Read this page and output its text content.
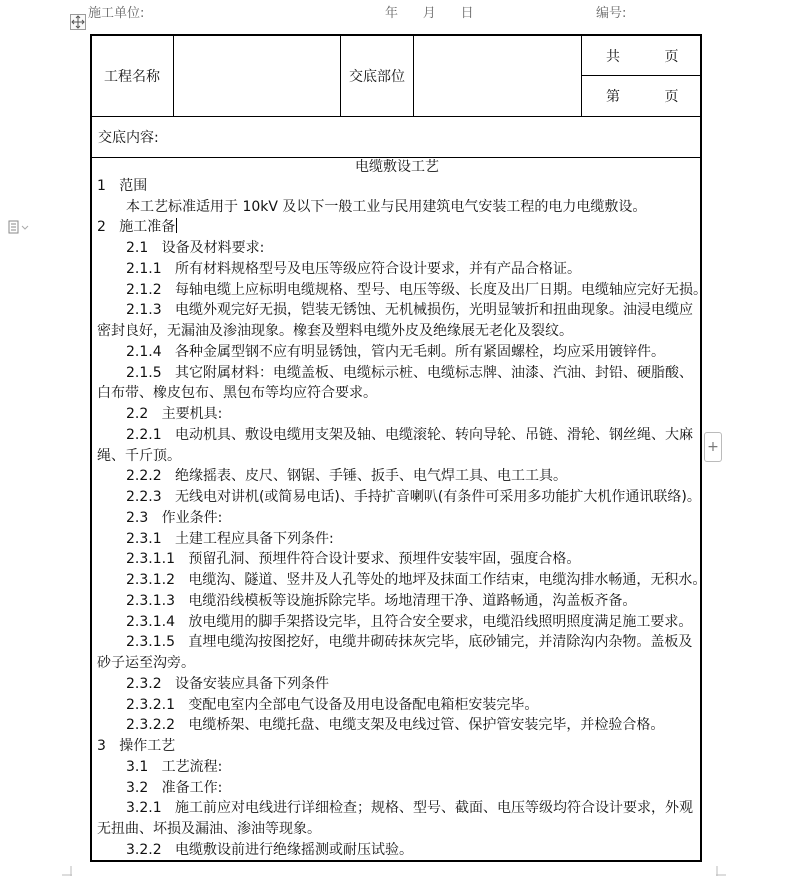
施工单位:	年      月      日	编号:
工程名称	交底部位
共          页
第          页
交底内容:
电缆敷设工艺
1   范围
本工艺标准适用于 10kV 及以下一般工业与民用建筑电气安装工程的电力电缆敷设。
2   施工准备
2.1   设备及材料要求:
2.1.1   所有材料规格型号及电压等级应符合设计要求，并有产品合格证。
2.1.2   每轴电缆上应标明电缆规格、型号、电压等级、长度及出厂日期。电缆轴应完好无损。
2.1.3   电缆外观完好无损，铠装无锈蚀、无机械损伤，光明显皱折和扭曲现象。油浸电缆应
密封良好，无漏油及渗油现象。橡套及塑料电缆外皮及绝缘展无老化及裂纹。
2.1.4   各种金属型钢不应有明显锈蚀，管内无毛刺。所有紧固螺栓，均应采用镀锌件。
2.1.5   其它附属材料：电缆盖板、电缆标示桩、电缆标志牌、油漆、汽油、封铅、硬脂酸、
白布带、橡皮包布、黑包布等均应符合要求。
2.2   主要机具:
2.2.1   电动机具、敷设电缆用支架及轴、电缆滚轮、转向导轮、吊链、滑轮、钢丝绳、大麻
绳、千斤顶。
2.2.2   绝缘摇表、皮尺、钢锯、手锤、扳手、电气焊工具、电工工具。
2.2.3   无线电对讲机(或简易电话)、手持扩音喇叭(有条件可采用多功能扩大机作通讯联络)。
2.3   作业条件:
2.3.1   土建工程应具备下列条件:
2.3.1.1   预留孔洞、预埋件符合设计要求、预埋件安装牢固，强度合格。
2.3.1.2   电缆沟、隧道、竖井及人孔等处的地坪及抹面工作结束，电缆沟排水畅通，无积水。
2.3.1.3   电缆沿线模板等设施拆除完毕。场地清理干净、道路畅通，沟盖板齐备。
2.3.1.4   放电缆用的脚手架搭设完毕，且符合安全要求，电缆沿线照明照度满足施工要求。
2.3.1.5   直埋电缆沟按图挖好，电缆井砌砖抹灰完毕，底砂铺完，并清除沟内杂物。盖板及
砂子运至沟旁。
2.3.2   设备安装应具备下列条件
2.3.2.1   变配电室内全部电气设备及用电设备配电箱柜安装完毕。
2.3.2.2   电缆桥架、电缆托盘、电缆支架及电线过管、保护管安装完毕，并检验合格。
3   操作工艺
3.1   工艺流程:
3.2   准备工作:
3.2.1   施工前应对电线进行详细检查；规格、型号、截面、电压等级均符合设计要求，外观
无扭曲、坏损及漏油、渗油等现象。
3.2.2   电缆敷设前进行绝缘摇测或耐压试验。
+
